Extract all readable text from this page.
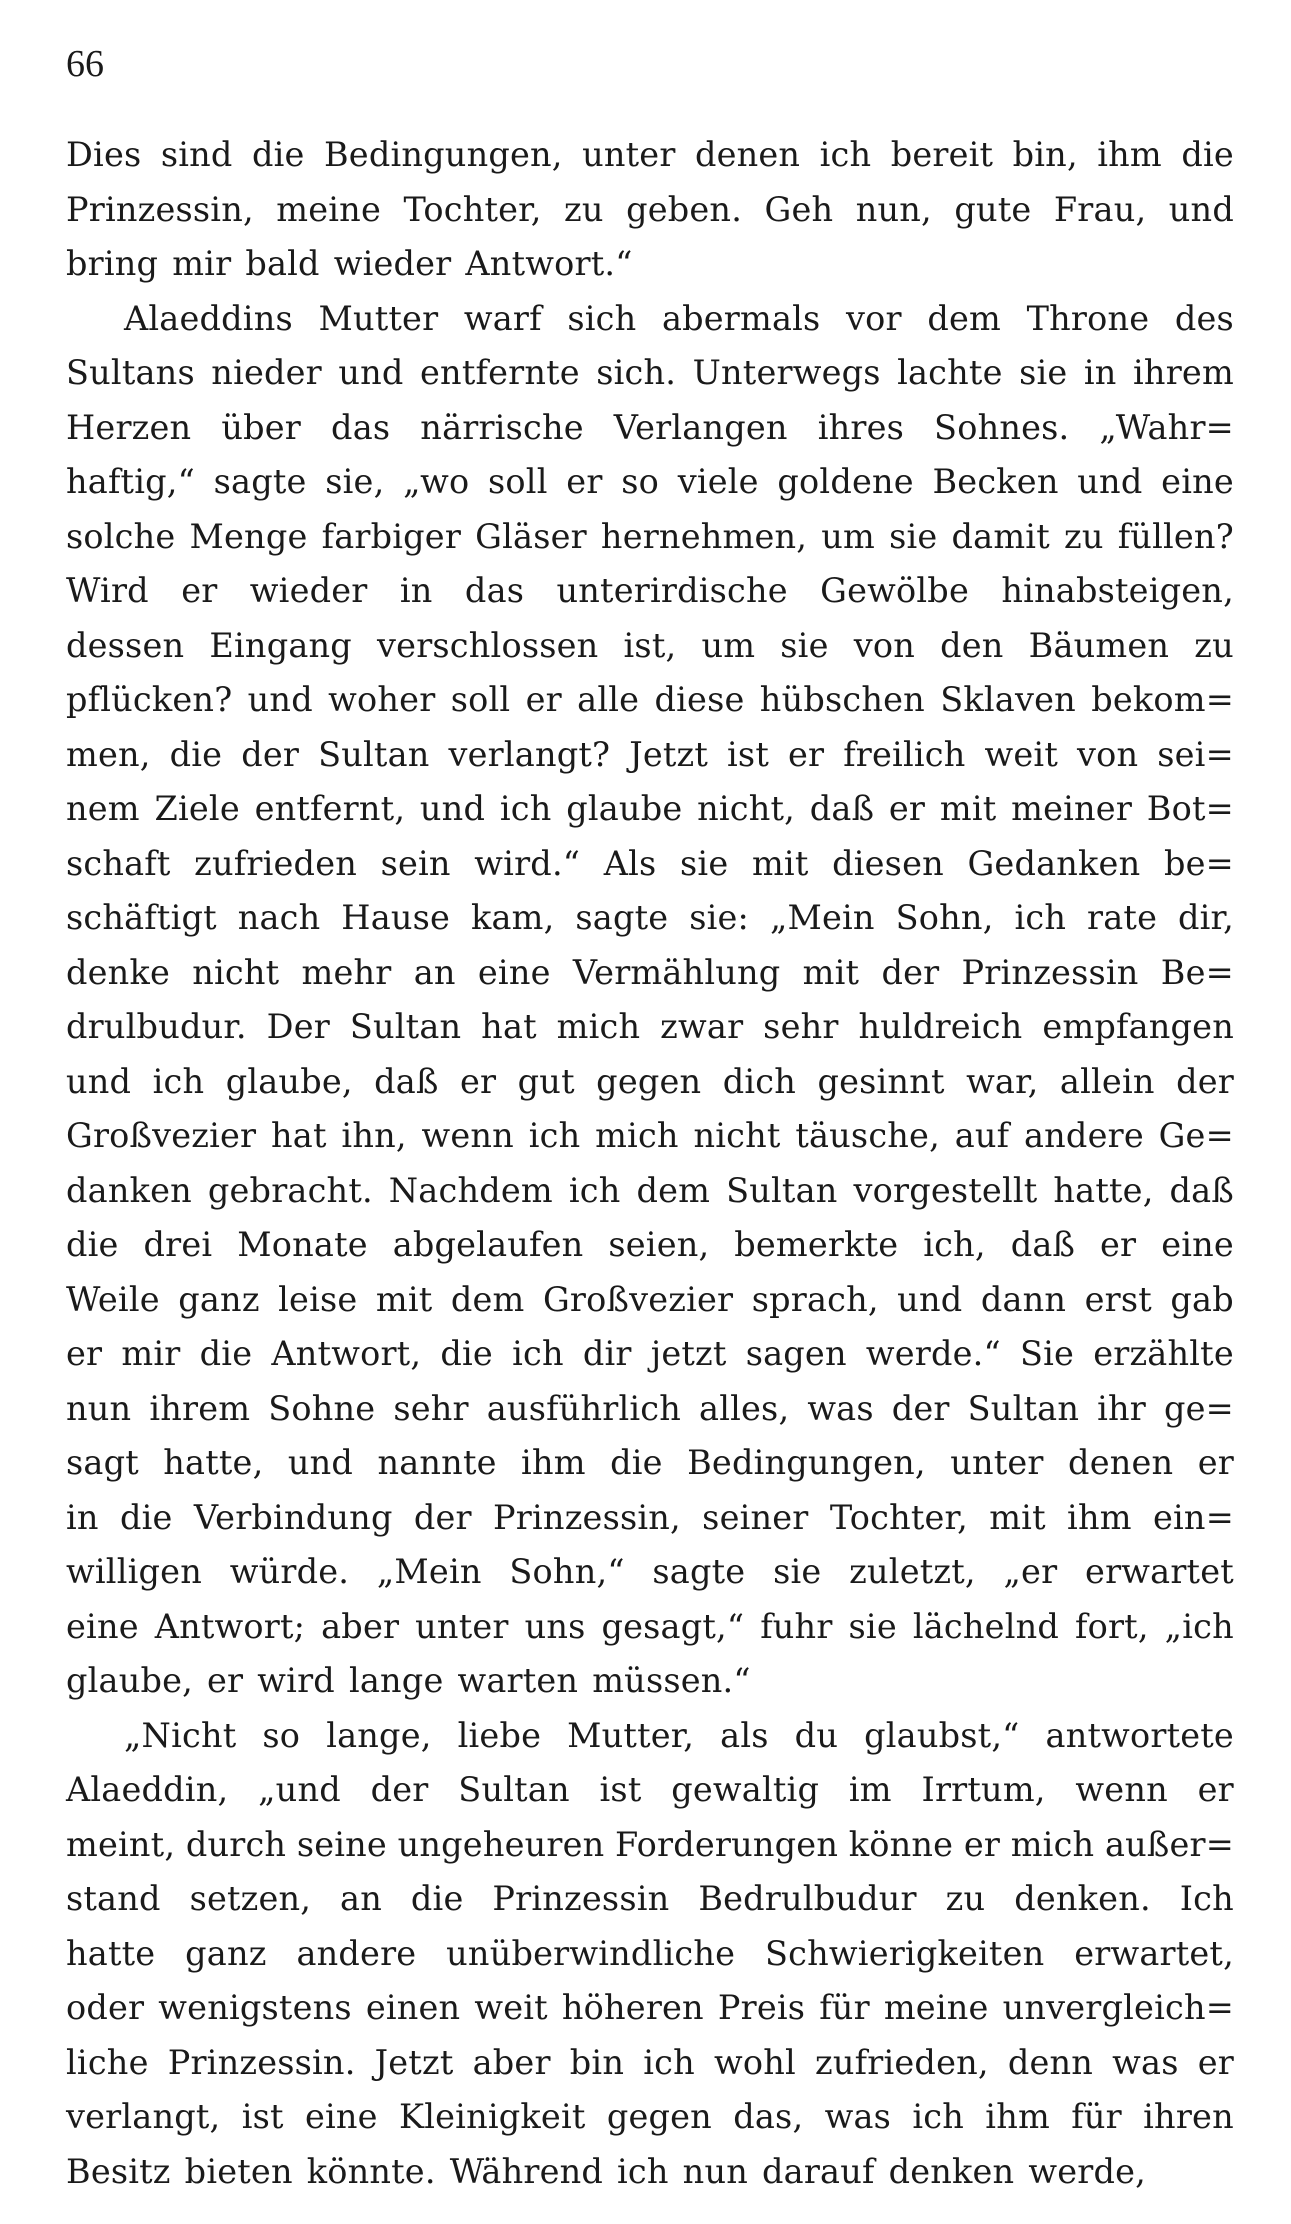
66
Dies sind die Bedingungen, unter denen ich bereit bin, ihm die
Prinzessin, meine Tochter, zu geben. Geh nun, gute Frau, und
bring mir bald wieder Antwort.“
Alaeddins Mutter warf sich abermals vor dem Throne des
Sultans nieder und entfernte sich. Unterwegs lachte sie in ihrem
Herzen über das närrische Verlangen ihres Sohnes. „Wahr=
haftig,“ sagte sie, „wo soll er so viele goldene Becken und eine
solche Menge farbiger Gläser hernehmen, um sie damit zu füllen?
Wird er wieder in das unterirdische Gewölbe hinabsteigen,
dessen Eingang verschlossen ist, um sie von den Bäumen zu
pflücken? und woher soll er alle diese hübschen Sklaven bekom=
men, die der Sultan verlangt? Jetzt ist er freilich weit von sei=
nem Ziele entfernt, und ich glaube nicht, daß er mit meiner Bot=
schaft zufrieden sein wird.“ Als sie mit diesen Gedanken be=
schäftigt nach Hause kam, sagte sie: „Mein Sohn, ich rate dir,
denke nicht mehr an eine Vermählung mit der Prinzessin Be=
drulbudur. Der Sultan hat mich zwar sehr huldreich empfangen
und ich glaube, daß er gut gegen dich gesinnt war, allein der
Großvezier hat ihn, wenn ich mich nicht täusche, auf andere Ge=
danken gebracht. Nachdem ich dem Sultan vorgestellt hatte, daß
die drei Monate abgelaufen seien, bemerkte ich, daß er eine
Weile ganz leise mit dem Großvezier sprach, und dann erst gab
er mir die Antwort, die ich dir jetzt sagen werde.“ Sie erzählte
nun ihrem Sohne sehr ausführlich alles, was der Sultan ihr ge=
sagt hatte, und nannte ihm die Bedingungen, unter denen er
in die Verbindung der Prinzessin, seiner Tochter, mit ihm ein=
willigen würde. „Mein Sohn,“ sagte sie zuletzt, „er erwartet
eine Antwort; aber unter uns gesagt,“ fuhr sie lächelnd fort, „ich
glaube, er wird lange warten müssen.“
„Nicht so lange, liebe Mutter, als du glaubst,“ antwortete
Alaeddin, „und der Sultan ist gewaltig im Irrtum, wenn er
meint, durch seine ungeheuren Forderungen könne er mich außer=
stand setzen, an die Prinzessin Bedrulbudur zu denken. Ich
hatte ganz andere unüberwindliche Schwierigkeiten erwartet,
oder wenigstens einen weit höheren Preis für meine unvergleich=
liche Prinzessin. Jetzt aber bin ich wohl zufrieden, denn was er
verlangt, ist eine Kleinigkeit gegen das, was ich ihm für ihren
Besitz bieten könnte. Während ich nun darauf denken werde,
